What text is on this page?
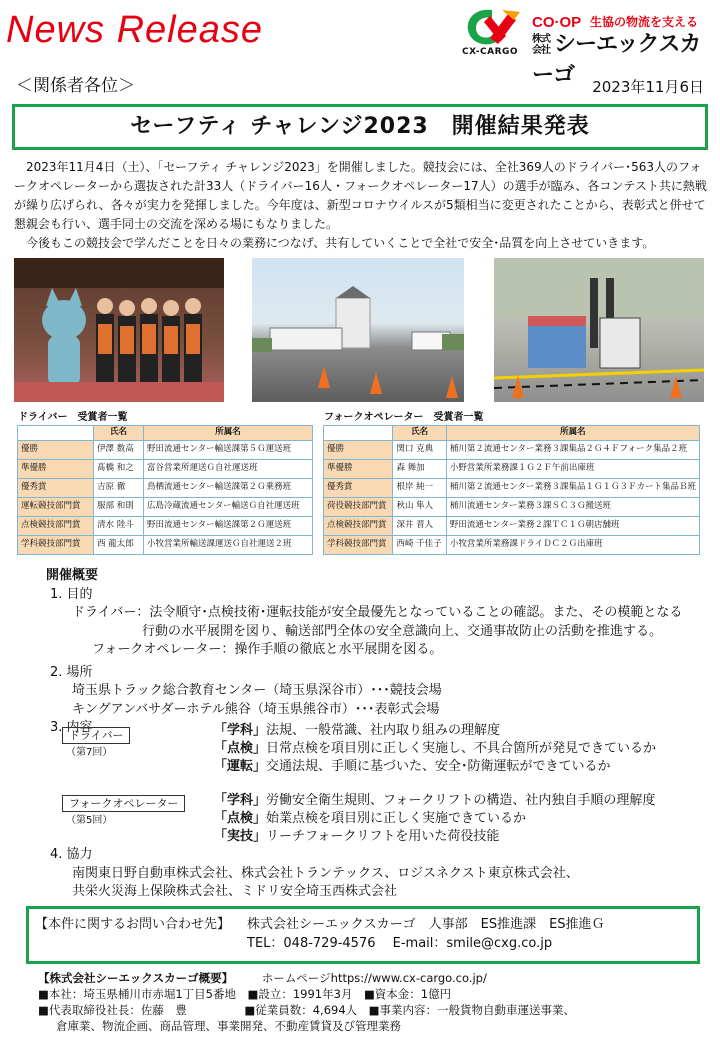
News Release
CX-CARGO
CO·OP 生協の物流を支える
株式会社 シーエックスカーゴ
＜関係者各位＞	2023年11月6日
セーフティ チャレンジ2023　開催結果発表

2023年11月4日（土）、「セーフティ チャレンジ2023」を開催しました。競技会には、全社369人のドライバー･563人のフォークオペレーターから選抜された計33人（ドライバー16人・フォークオペレーター17人）の選手が臨み、各コンテスト共に熱戦が繰り広げられ、各々が実力を発揮しました。今年度は、新型コロナウイルスが5類相当に変更されたことから、表彰式と併せて懇親会も行い、選手同士の交流を深める場にもなりました。

今後もこの競技会で学んだことを日々の業務につなげ、共有していくことで全社で安全･品質を向上させていきます。

ドライバー　受賞者一覧
	氏名	所属名
優勝	伊澤 数高	野田流通センター輸送課第５Ｇ運送班
準優勝	髙橋 和之	富谷営業所運送Ｇ自社運送班
優秀賞	吉原 徹	鳥栖流通センター輸送課第２Ｇ乗務班
運転競技部門賞	服部 和則	広島冷蔵流通センター輸送Ｇ自社運送班
点検競技部門賞	清水 陸斗	野田流通センター輸送課第２Ｇ運送班
学科競技部門賞	西 龍太郎	小牧営業所輸送課運送Ｇ自社運送２班
フォークオペレーター　受賞者一覧
	氏名	所属名
優勝	関口 克典	桶川第２流通センター業務３課集品２Ｇ４Ｆフォーク集品２班
準優勝	森 舞加	小野営業所業務課１Ｇ２Ｆ午前出庫班
優秀賞	根岸 純一	桶川第２流通センター業務３課集品１Ｇ１Ｇ３Ｆカート集品Ｂ班
荷役競技部門賞	秋山 隼人	桶川流通センター業務３課ＳＣ３Ｇ搬送班
点検競技部門賞	深井 晋人	野田流通センター業務２課ＴＣ１Ｇ朝店舗班
学科競技部門賞	西崎 千佳子	小牧営業所業務課ドライＤＣ２Ｇ出庫班
開催概要
1. 目的
ドライバー： 法令順守･点検技術･運転技能が安全最優先となっていることの確認。また、その模範となる
行動の水平展開を図り、輸送部門全体の安全意識向上、交通事故防止の活動を推進する。
フォークオペレーター：操作手順の徹底と水平展開を図る。
2. 場所
埼玉県トラック総合教育センター（埼玉県深谷市）･･･競技会場
キングアンバサダーホテル熊谷（埼玉県熊谷市）･･･表彰式会場
3. 内容
ドライバー
（第7回）
「学科」法規、一般常識、社内取り組みの理解度
「点検」日常点検を項目別に正しく実施し、不具合箇所が発見できているか
「運転」交通法規、手順に基づいた、安全･防衛運転ができているか
フォークオペレーター
（第5回）
「学科」労働安全衛生規則、フォークリフトの構造、社内独自手順の理解度
「点検」始業点検を項目別に正しく実施できているか
「実技」リーチフォークリフトを用いた荷役技能
4. 協力
南関東日野自動車株式会社、株式会社トランテックス、ロジスネクスト東京株式会社、
共栄火災海上保険株式会社、ミドリ安全埼玉西株式会社
【本件に関するお問い合わせ先】	株式会社シーエックスカーゴ　人事部　ES推進課　ES推進Ｇ
TEL：048-729-4576　 E-mail：smile@cxg.co.jp
【株式会社シーエックスカーゴ概要】　　　	ホームページhttps://www.cx-cargo.co.jp/
■本社：埼玉県桶川市赤堀1丁目5番地　■設立：1991年3月　■資本金：1億円
■代表取締役社長：佐藤　豊　　　　　■従業員数：4,694人　■事業内容：一般貨物自動車運送事業、
倉庫業、物流企画、商品管理、事業開発、不動産賃貸及び管理業務
